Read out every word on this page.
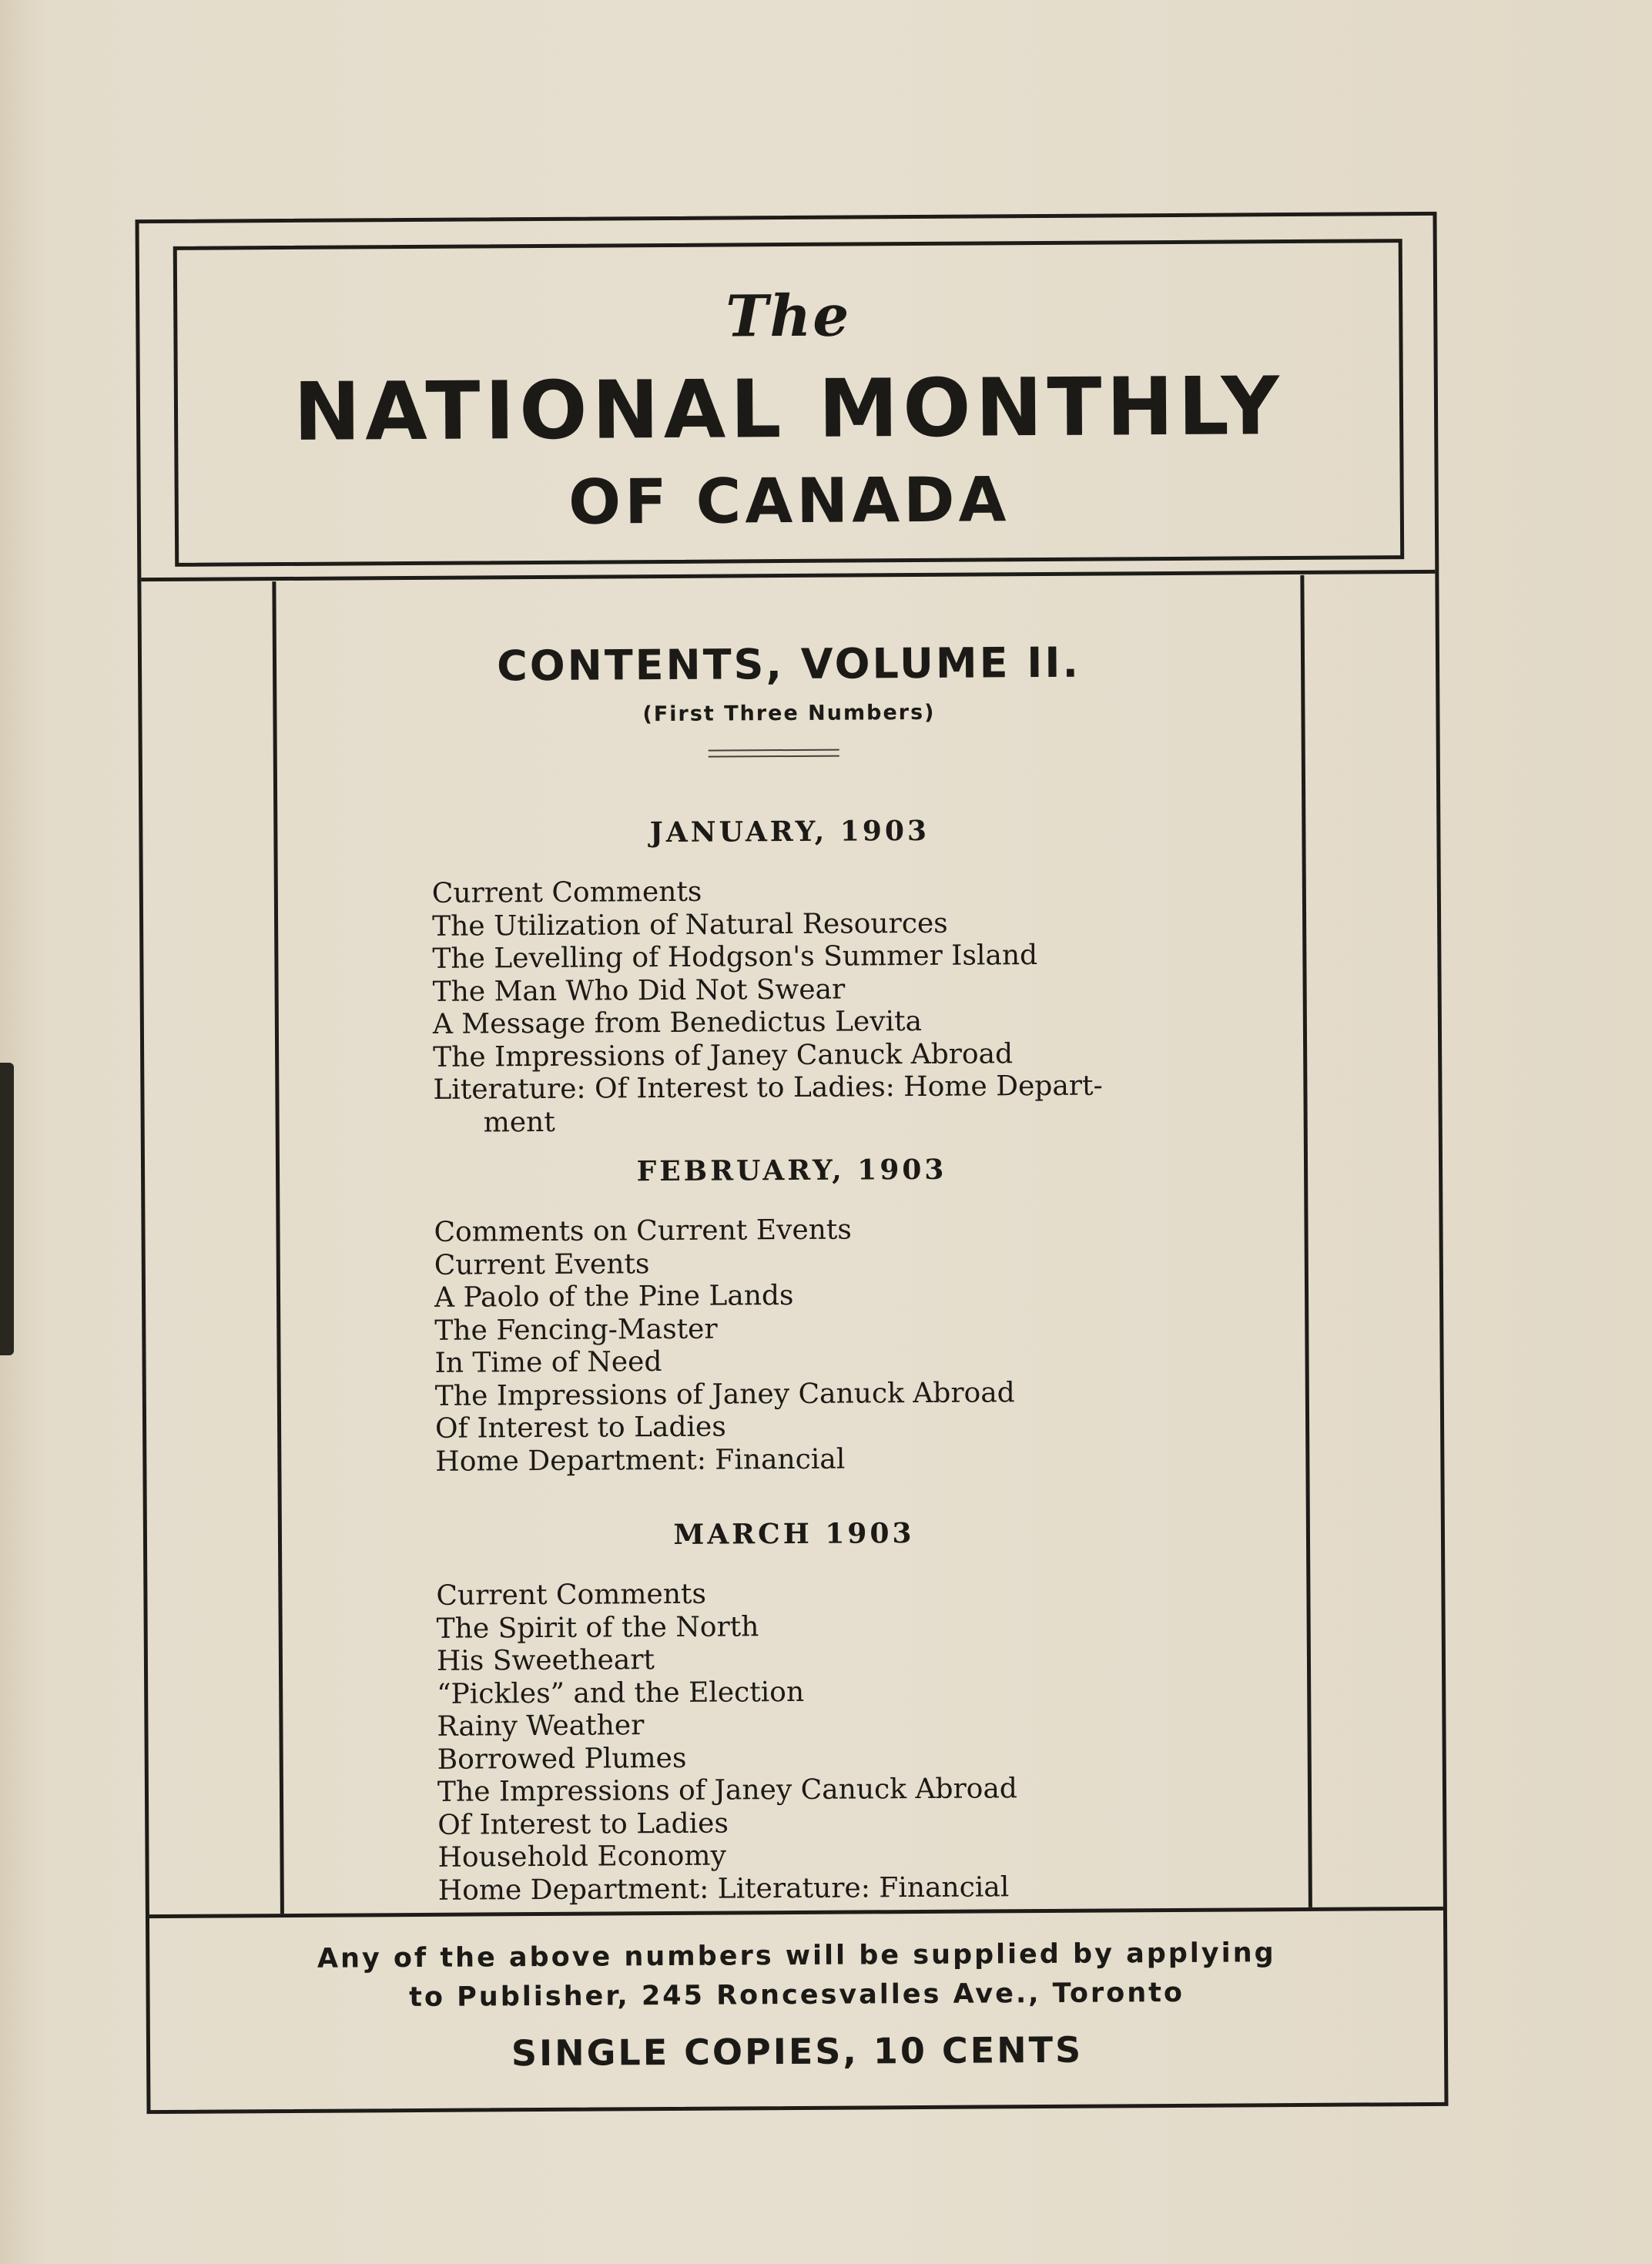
The
NATIONAL MONTHLY
OF CANADA
CONTENTS, VOLUME II.
(First Three Numbers)
JANUARY, 1903
Current Comments
The Utilization of Natural Resources
The Levelling of Hodgson's Summer Island
The Man Who Did Not Swear
A Message from Benedictus Levita
The Impressions of Janey Canuck Abroad
Literature: Of Interest to Ladies: Home Depart-
ment
FEBRUARY, 1903
Comments on Current Events
Current Events
A Paolo of the Pine Lands
The Fencing-Master
In Time of Need
The Impressions of Janey Canuck Abroad
Of Interest to Ladies
Home Department: Financial
MARCH 1903
Current Comments
The Spirit of the North
His Sweetheart
“Pickles” and the Election
Rainy Weather
Borrowed Plumes
The Impressions of Janey Canuck Abroad
Of Interest to Ladies
Household Economy
Home Department: Literature: Financial
Any of the above numbers will be supplied by applying
to Publisher, 245 Roncesvalles Ave., Toronto
SINGLE COPIES, 10 CENTS
